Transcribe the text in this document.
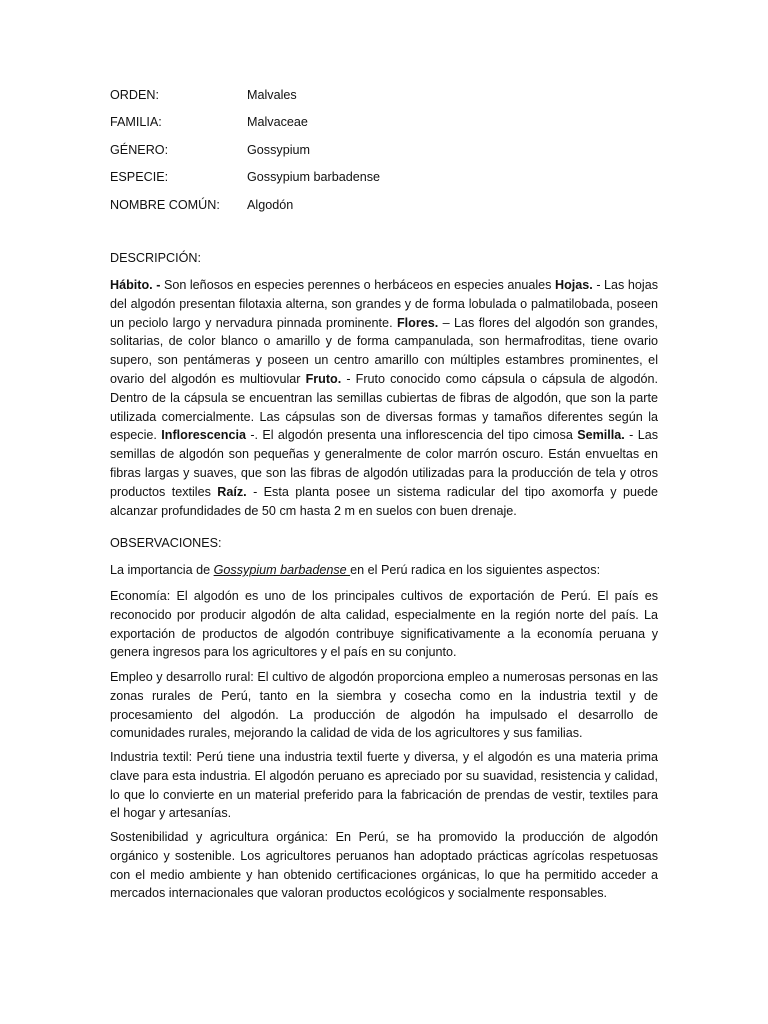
ORDEN:	Malvales
FAMILIA:	Malvaceae
GÉNERO:	Gossypium
ESPECIE:	Gossypium barbadense
NOMBRE COMÚN:	Algodón
DESCRIPCIÓN:

Hábito. - Son leñosos en especies perennes o herbáceos en especies anuales Hojas. - Las hojas del algodón presentan filotaxia alterna, son grandes y de forma lobulada o palmatilobada, poseen un peciolo largo y nervadura pinnada prominente. Flores. – Las flores del algodón son grandes, solitarias, de color blanco o amarillo y de forma campanulada, son hermafroditas, tiene ovario supero, son pentámeras y poseen un centro amarillo con múltiples estambres prominentes, el ovario del algodón es multiovular Fruto. - Fruto conocido como cápsula o cápsula de algodón. Dentro de la cápsula se encuentran las semillas cubiertas de fibras de algodón, que son la parte utilizada comercialmente. Las cápsulas son de diversas formas y tamaños diferentes según la especie. Inflorescencia -. El algodón presenta una inflorescencia del tipo cimosa Semilla. - Las semillas de algodón son pequeñas y generalmente de color marrón oscuro. Están envueltas en fibras largas y suaves, que son las fibras de algodón utilizadas para la producción de tela y otros productos textiles Raíz. - Esta planta posee un sistema radicular del tipo axomorfa y puede alcanzar profundidades de 50 cm hasta 2 m en suelos con buen drenaje.

OBSERVACIONES:

La importancia de Gossypium barbadense en el Perú radica en los siguientes aspectos:

Economía: El algodón es uno de los principales cultivos de exportación de Perú. El país es reconocido por producir algodón de alta calidad, especialmente en la región norte del país. La exportación de productos de algodón contribuye significativamente a la economía peruana y genera ingresos para los agricultores y el país en su conjunto.

Empleo y desarrollo rural: El cultivo de algodón proporciona empleo a numerosas personas en las zonas rurales de Perú, tanto en la siembra y cosecha como en la industria textil y de procesamiento del algodón. La producción de algodón ha impulsado el desarrollo de comunidades rurales, mejorando la calidad de vida de los agricultores y sus familias.

Industria textil: Perú tiene una industria textil fuerte y diversa, y el algodón es una materia prima clave para esta industria. El algodón peruano es apreciado por su suavidad, resistencia y calidad, lo que lo convierte en un material preferido para la fabricación de prendas de vestir, textiles para el hogar y artesanías.

Sostenibilidad y agricultura orgánica: En Perú, se ha promovido la producción de algodón orgánico y sostenible. Los agricultores peruanos han adoptado prácticas agrícolas respetuosas con el medio ambiente y han obtenido certificaciones orgánicas, lo que ha permitido acceder a mercados internacionales que valoran productos ecológicos y socialmente responsables.
